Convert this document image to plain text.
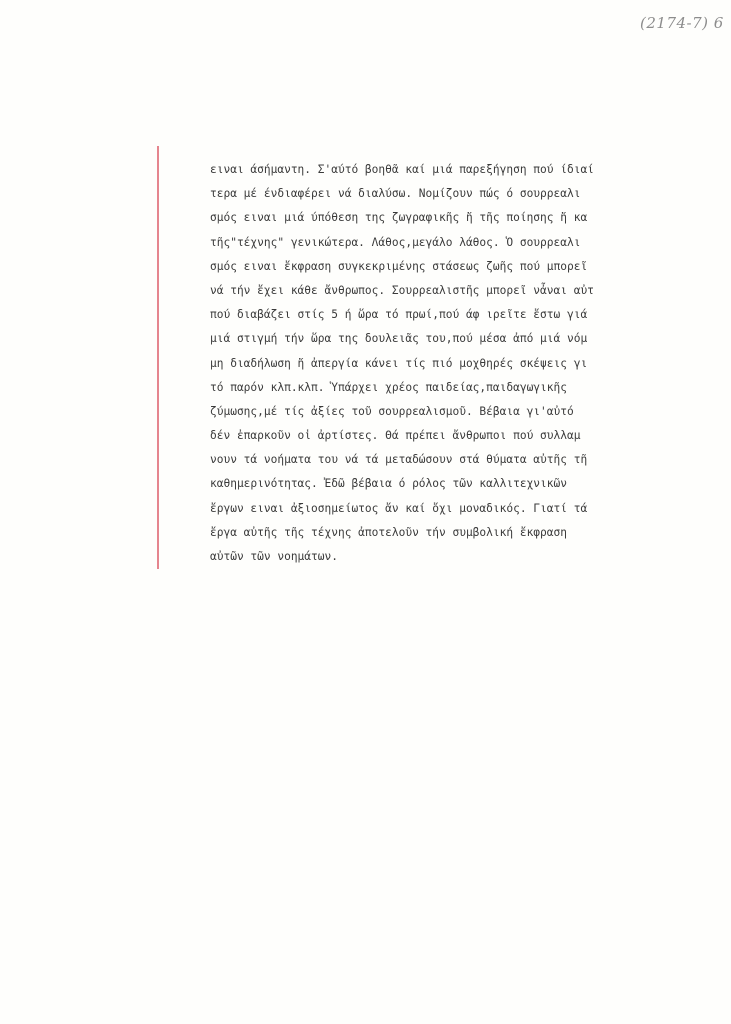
(2174-7) 6
ειναι άσήμαντη. Σ'αύτό βοηθᾶ καί μιά παρεξήγηση πού ίδιαί
τερα μέ ένδιαφέρει νά διαλύσω. Νομίζουν πώς ό σουρρεαλι
σμός ειναι μιά ύπόθεση της ζωγραφικῆς ἤ τῆς ποίησης ἤ κα
τῆς"τέχνης" γενικώτερα. Λάθος,μεγάλο λάθος. Ὁ σουρρεαλι
σμός ειναι ἔκφραση συγκεκριμένης στάσεως ζωῆς πού μπορεῖ
νά τήν ἔχει κάθε ἄνθρωπος. Σουρρεαλιστῆς μπορεῖ νἆναι αὐτ
πού διαβάζει στίς 5 ή ὥρα τό πρωί,πού άφ ιρεῖτε ἔστω γιά
μιά στιγμή τήν ὥρα της δουλειᾶς του,πού μέσα ἀπό μιά νόμ
μη διαδήλωση ἤ ἀπεργία κάνει τίς πιό μοχθηρές σκέψεις γι
τό παρόν κλπ.κλπ. Ὑπάρχει χρέος παιδείας,παιδαγωγικῆς
ζύμωσης,μέ τίς ἀξίες τοῦ σουρρεαλισμοῦ. Βέβαια γι'αὐτό
δέν ἐπαρκοῦν οἱ ἀρτίστες. Θά πρέπει ἄνθρωποι πού συλλαμ
νουν τά νοήματα του νά τά μεταδώσουν στά θύματα αὐτῆς τῆ
καθημερινότητας. Ἐδῶ βέβαια ό ρόλος τῶν καλλιτεχνικῶν
ἔργων ειναι ἀξιοσημείωτος ἄν καί ὄχι μοναδικός. Γιατί τά
ἔργα αὐτῆς τῆς τέχνης ἀποτελοῦν τήν συμβολική ἔκφραση
αὐτῶν τῶν νοημάτων.
